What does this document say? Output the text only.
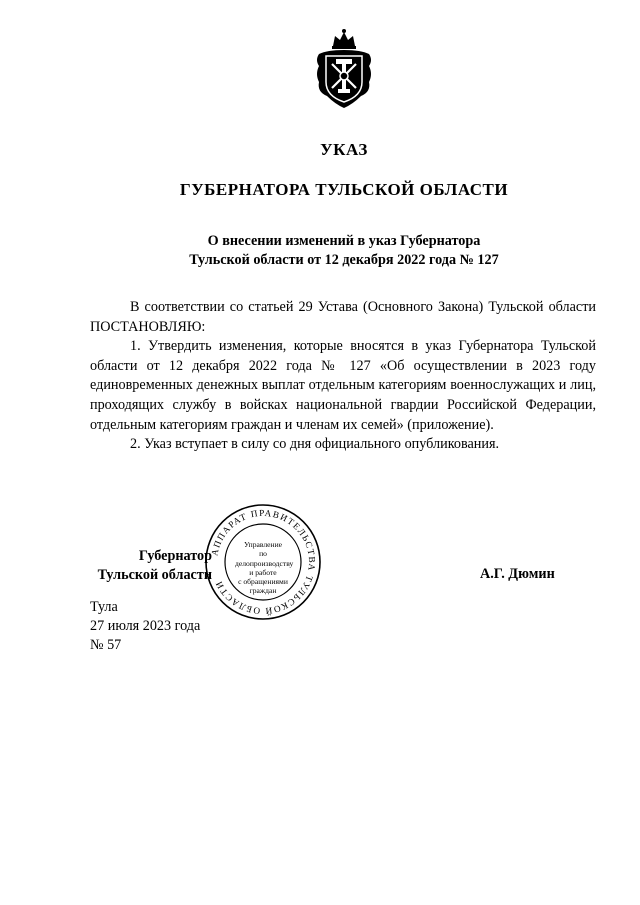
УКАЗ
ГУБЕРНАТОРА ТУЛЬСКОЙ ОБЛАСТИ
О внесении изменений в указ Губернатора
Тульской области от 12 декабря 2022 года № 127

В соответствии со статьей 29 Устава (Основного Закона) Тульской области ПОСТАНОВЛЯЮ:

1. Утвердить изменения, которые вносятся в указ Губернатора Тульской области от 12 декабря 2022 года № 127 «Об осуществлении в 2023 году единовременных денежных выплат отдельным категориям военнослужащих и лиц, проходящих службу в войсках национальной гвардии Российской Федерации, отдельным категориям граждан и членам их семей» (приложение).

2. Указ вступает в силу со дня официального опубликования.

Губернатор
Тульской области
АППАРАТ ПРАВИТЕЛЬСТВА ТУЛЬСКОЙ ОБЛАСТИ
Управление
по делопроизводству
и работе
с обращениями
граждан
А.Г. Дюмин
Тула
27 июля 2023 года
№ 57
